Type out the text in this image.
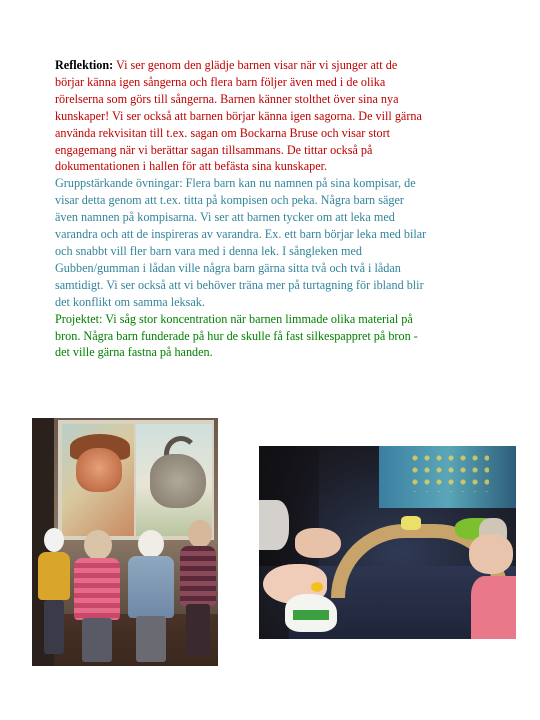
Reflektion: Vi ser genom den glädje barnen visar när vi sjunger att de
börjar känna igen sångerna och flera barn följer även med i de olika
rörelserna som görs till sångerna. Barnen känner stolthet över sina nya
kunskaper! Vi ser också att barnen börjar känna igen sagorna. De vill gärna
använda rekvisitan till t.ex. sagan om Bockarna Bruse och visar stort
engagemang när vi berättar sagan tillsammans. De tittar också på
dokumentationen i hallen för att befästa sina kunskaper.
Gruppstärkande övningar: Flera barn kan nu namnen på sina kompisar, de
visar detta genom att t.ex. titta på kompisen och peka. Några barn säger
även namnen på kompisarna. Vi ser att barnen tycker om att leka med
varandra och att de inspireras av varandra. Ex. ett barn börjar leka med bilar
och snabbt vill fler barn vara med i denna lek. I sångleken med
Gubben/gumman i lådan ville några barn gärna sitta två och två i lådan
samtidigt. Vi ser också att vi behöver träna mer på turtagning för ibland blir
det konflikt om samma leksak.
Projektet: Vi såg stor koncentration när barnen limmade olika material på
bron. Några barn funderade på hur de skulle få fast silkespappret på bron -
det ville gärna fastna på handen.
